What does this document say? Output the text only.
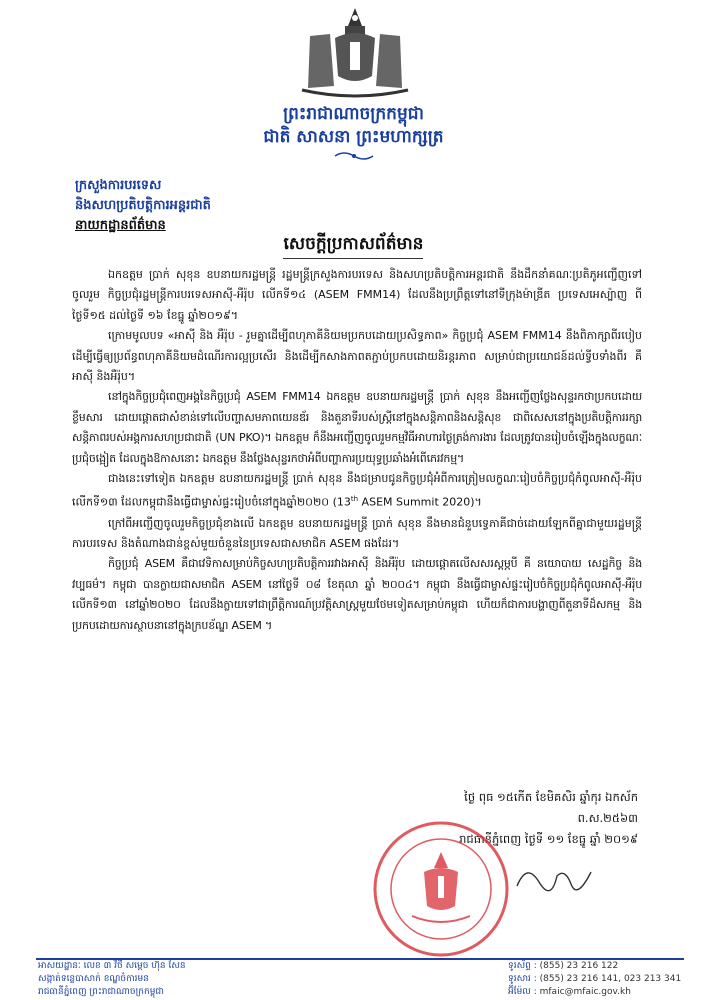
ព្រះរាជាណាចក្រកម្ពុជា
ជាតិ សាសនា ព្រះមហាក្សត្រ
ក្រសួងការបរទេស
និងសហប្រតិបត្តិការអន្តរជាតិ
នាយកដ្ឋានព័ត៌មាន
សេចក្តីប្រកាសព័ត៌មាន

ឯកឧត្តម ប្រាក់ សុខុន ឧបនាយករដ្ឋមន្ត្រី រដ្ឋមន្ត្រីក្រសួងការបរទេស និងសហប្រតិបត្តិការអន្តរជាតិ នឹងដឹកនាំគណៈប្រតិភូអញ្ជើញទៅចូលរួម កិច្ចប្រជុំរដ្ឋមន្ត្រីការបរទេសអាស៊ី-អឺរ៉ុប លើកទី១៤ (ASEM FMM14) ដែលនឹងប្រព្រឹត្តទៅនៅទីក្រុងម៉ាឌ្រីត ប្រទេសអេស្ប៉ាញ ពីថ្ងៃទី១៥ ដល់ថ្ងៃទី ១៦ ខែធ្នូ ឆ្នាំ២០១៩។

ក្រោមមូលបទ «អាស៊ី និង អឺរ៉ុប - រួមគ្នាដើម្បីពហុភាគីនិយមប្រកបដោយប្រសិទ្ធភាព» កិច្ចប្រជុំ ASEM FMM14 នឹងពិភាក្សាពីរបៀបដើម្បីធ្វើឲ្យប្រព័ន្ធពហុភាគីនិយមដំណើរការល្អប្រសើរ និងដើម្បីកសាងភាពតភ្ជាប់ប្រកបដោយនិរន្តរភាព សម្រាប់ជាប្រយោជន៍ដល់ទ្វីបទាំងពីរ គឺ អាស៊ី និងអឺរ៉ុប។

នៅក្នុងកិច្ចប្រជុំពេញអង្គនៃកិច្ចប្រជុំ ASEM FMM14 ឯកឧត្តម ឧបនាយករដ្ឋមន្ត្រី ប្រាក់ សុខុន នឹងអញ្ជើញថ្លែងសុន្ទរកថាប្រកបដោយខ្លឹមសារ ដោយផ្តោតជាសំខាន់ទៅលើបញ្ហាសមភាពយេនឌ័រ និងតួនាទីរបស់ស្ត្រីនៅក្នុងសន្តិភាពនិងសន្តិសុខ ជាពិសេសនៅក្នុងប្រតិបត្តិការរក្សាសន្តិភាពរបស់អង្គការសហប្រជាជាតិ (UN PKO)។ ឯកឧត្តម ក៏នឹងអញ្ជើញចូលរួមកម្មវិធីអាហារថ្ងៃត្រង់ការងារ ដែលត្រូវបានរៀបចំឡើងក្នុងលក្ខណៈប្រជុំចង្អៀត ដែលក្នុងឱកាសនោះ ឯកឧត្តម នឹងថ្លែងសុន្ទរកថាអំពីបញ្ហាការប្រយុទ្ធប្រឆាំងអំពើភេរវកម្ម។

ជាងនេះទៅទៀត ឯកឧត្តម ឧបនាយករដ្ឋមន្ត្រី ប្រាក់ សុខុន នឹងជម្រាបជូនកិច្ចប្រជុំអំពីការត្រៀមលក្ខណៈរៀបចំកិច្ចប្រជុំកំពូលអាស៊ី-អឺរ៉ុបលើកទី១៣ ដែលកម្ពុជានឹងធ្វើជាម្ចាស់ផ្ទះរៀបចំនៅក្នុងឆ្នាំ២០២០ (13th ASEM Summit 2020)។

ក្រៅពីអញ្ជើញចូលរួមកិច្ចប្រជុំខាងលើ ឯកឧត្តម ឧបនាយករដ្ឋមន្ត្រី ប្រាក់ សុខុន នឹងមានជំនួបទ្វេភាគីជាច់ដោយឡែកពីគ្នាជាមួយរដ្ឋមន្ត្រីការបរទេស និងតំណាងជាន់ខ្ពស់មួយចំនួននៃប្រទេសជាសមាជិក ASEM ផងដែរ។

កិច្ចប្រជុំ ASEM គឺជាវេទិកាសម្រាប់កិច្ចសហប្រតិបត្តិការរវាងអាស៊ី និងអឺរ៉ុប ដោយផ្តោតលើសសរស្តម្ភបី គឺ នយោបាយ សេដ្ឋកិច្ច និងវប្បធម៌។ កម្ពុជា បានក្លាយជាសមាជិក ASEM នៅថ្ងៃទី ០៨ ខែតុលា ឆ្នាំ ២០០៤។ កម្ពុជា នឹងធ្វើជាម្ចាស់ផ្ទះរៀបចំកិច្ចប្រជុំកំពូលអាស៊ី-អឺរ៉ុប លើកទី១៣ នៅឆ្នាំ២០២០ ដែលនឹងក្លាយទៅជាព្រឹត្តិការណ៍ប្រវត្តិសាស្ត្រមួយថែមទៀតសម្រាប់កម្ពុជា ហើយក៏ជាការបង្ហាញពីតួនាទីដ៏សកម្ម និងប្រកបដោយការស្ថាបនានៅក្នុងក្របខ័ណ្ឌ ASEM ។

ថ្ងៃ ពុធ ១៥កើត ខែមិគសិរ ឆ្នាំកុរ ឯកស័ក ព.ស.២៥៦៣
រាជធានីភ្នំពេញ ថ្ងៃទី ១១ ខែធ្នូ ឆ្នាំ ២០១៩
អាសយដ្ឋានៈ លេខ ៣ វិថី សម្តេច ហ៊ុន សែន
សង្កាត់ទន្លេបាសាក់ ខណ្ឌចំការមន
រាជធានីភ្នំពេញ ព្រះរាជាណាចក្រកម្ពុជា
ទូរស័ព្ទ : (855) 23 216 122
ទូរសារ : (855) 23 216 141, 023 213 341
អ៊ីម៉ែល : mfaic@mfaic.gov.kh
